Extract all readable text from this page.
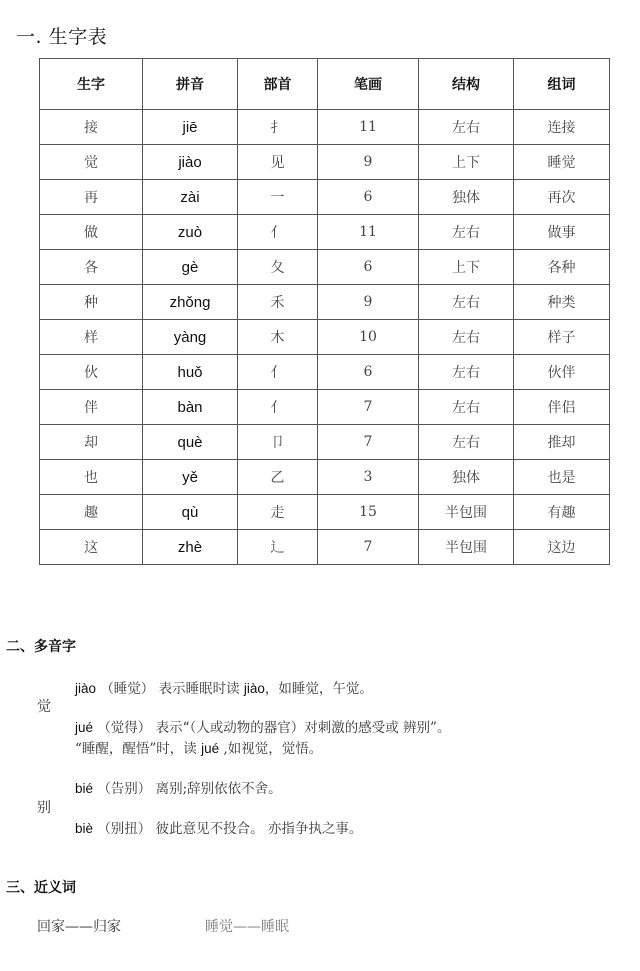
一. 生字表
生字	拼音	部首	笔画	结构	组词
接	jiē	扌	11	左右	连接
觉	jiào	见	9	上下	睡觉
再	zài	一	6	独体	再次
做	zuò	亻	11	左右	做事
各	gè	夂	6	上下	各种
种	zhǒng	禾	9	左右	种类
样	yàng	木	10	左右	样子
伙	huǒ	亻	6	左右	伙伴
伴	bàn	亻	7	左右	伴侣
却	què	卩	7	左右	推却
也	yě	乙	3	独体	也是
趣	qù	走	15	半包围	有趣
这	zhè	辶	7	半包围	这边
二、多音字
觉
jiào （睡觉） 表示睡眠时读 jiào，如睡觉，午觉。
jué （觉得） 表示“（人或动物的器官）对刺激的感受或 辨别”。
“睡醒，醒悟”时，读 jué ,如视觉，觉悟。
别
bié （告别） 离别;辞别依依不舍。
biè （别扭） 彼此意见不投合。 亦指争执之事。
三、近义词
回家——归家	睡觉——睡眠
